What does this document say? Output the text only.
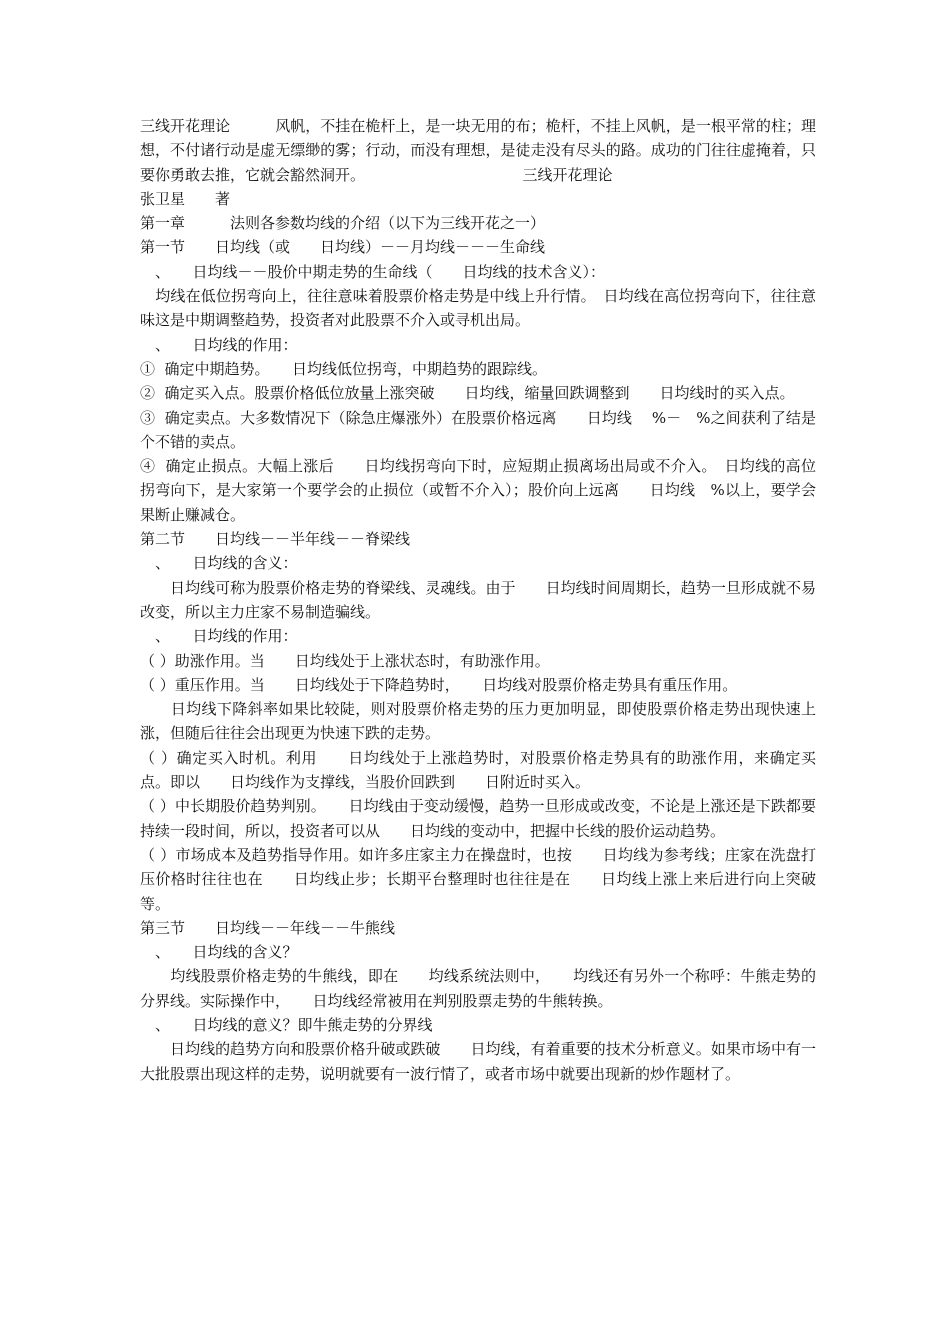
三线开花理论　　　风帆，不挂在桅杆上，是一块无用的布；桅杆，不挂上风帆，是一根平常的柱；理想，不付诸行动是虚无缥缈的雾；行动，而没有理想，是徒走没有尽头的路。成功的门往往虚掩着，只要你勇敢去推，它就会豁然洞开。　　　　　　　　　　　三线开花理论

张卫星　　著

第一章　　　法则各参数均线的介绍（以下为三线开花之一）

第一节　　日均线（或　　日均线）－－月均线－－－生命线

　、　　日均线－－股价中期走势的生命线（　　日均线的技术含义）：

　均线在低位拐弯向上，往往意味着股票价格走势是中线上升行情。　日均线在高位拐弯向下，往往意味这是中期调整趋势，投资者对此股票不介入或寻机出局。

　、　　日均线的作用：

①  确定中期趋势。　　日均线低位拐弯，中期趋势的跟踪线。

②  确定买入点。股票价格低位放量上涨突破　　日均线，缩量回跌调整到　　日均线时的买入点。

③  确定卖点。大多数情况下（除急庄爆涨外）在股票价格远离　　日均线　 %－　%之间获利了结是个不错的卖点。

④  确定止损点。大幅上涨后　　日均线拐弯向下时，应短期止损离场出局或不介入。　日均线的高位拐弯向下，是大家第一个要学会的止损位（或暂不介入）；股价向上远离　　日均线　%以上，要学会果断止赚减仓。

第二节　　日均线－－半年线－－脊梁线

　、　　日均线的含义：

　　日均线可称为股票价格走势的脊梁线、灵魂线。由于　　日均线时间周期长，趋势一旦形成就不易改变，所以主力庄家不易制造骗线。

　、　　日均线的作用：

（ ）助涨作用。当　　日均线处于上涨状态时，有助涨作用。

（ ）重压作用。当　　日均线处于下降趋势时，　　日均线对股票价格走势具有重压作用。

　　日均线下降斜率如果比较陡，则对股票价格走势的压力更加明显，即使股票价格走势出现快速上涨，但随后往往会出现更为快速下跌的走势。

（ ）确定买入时机。利用　　日均线处于上涨趋势时，对股票价格走势具有的助涨作用，来确定买点。即以　　日均线作为支撑线，当股价回跌到　　日附近时买入。

（ ）中长期股价趋势判别。　　日均线由于变动缓慢，趋势一旦形成或改变，不论是上涨还是下跌都要持续一段时间，所以，投资者可以从　　日均线的变动中，把握中长线的股价运动趋势。

（ ）市场成本及趋势指导作用。如许多庄家主力在操盘时，也按　　日均线为参考线；庄家在洗盘打压价格时往往也在　　日均线止步；长期平台整理时也往往是在　　日均线上涨上来后进行向上突破等。

第三节　　日均线－－年线－－牛熊线

　、　　日均线的含义？

　　均线股票价格走势的牛熊线，即在　　均线系统法则中，　　均线还有另外一个称呼：牛熊走势的分界线。实际操作中，　　日均线经常被用在判别股票走势的牛熊转换。

　、　　日均线的意义？即牛熊走势的分界线

　　日均线的趋势方向和股票价格升破或跌破　　日均线，有着重要的技术分析意义。如果市场中有一大批股票出现这样的走势，说明就要有一波行情了，或者市场中就要出现新的炒作题材了。
